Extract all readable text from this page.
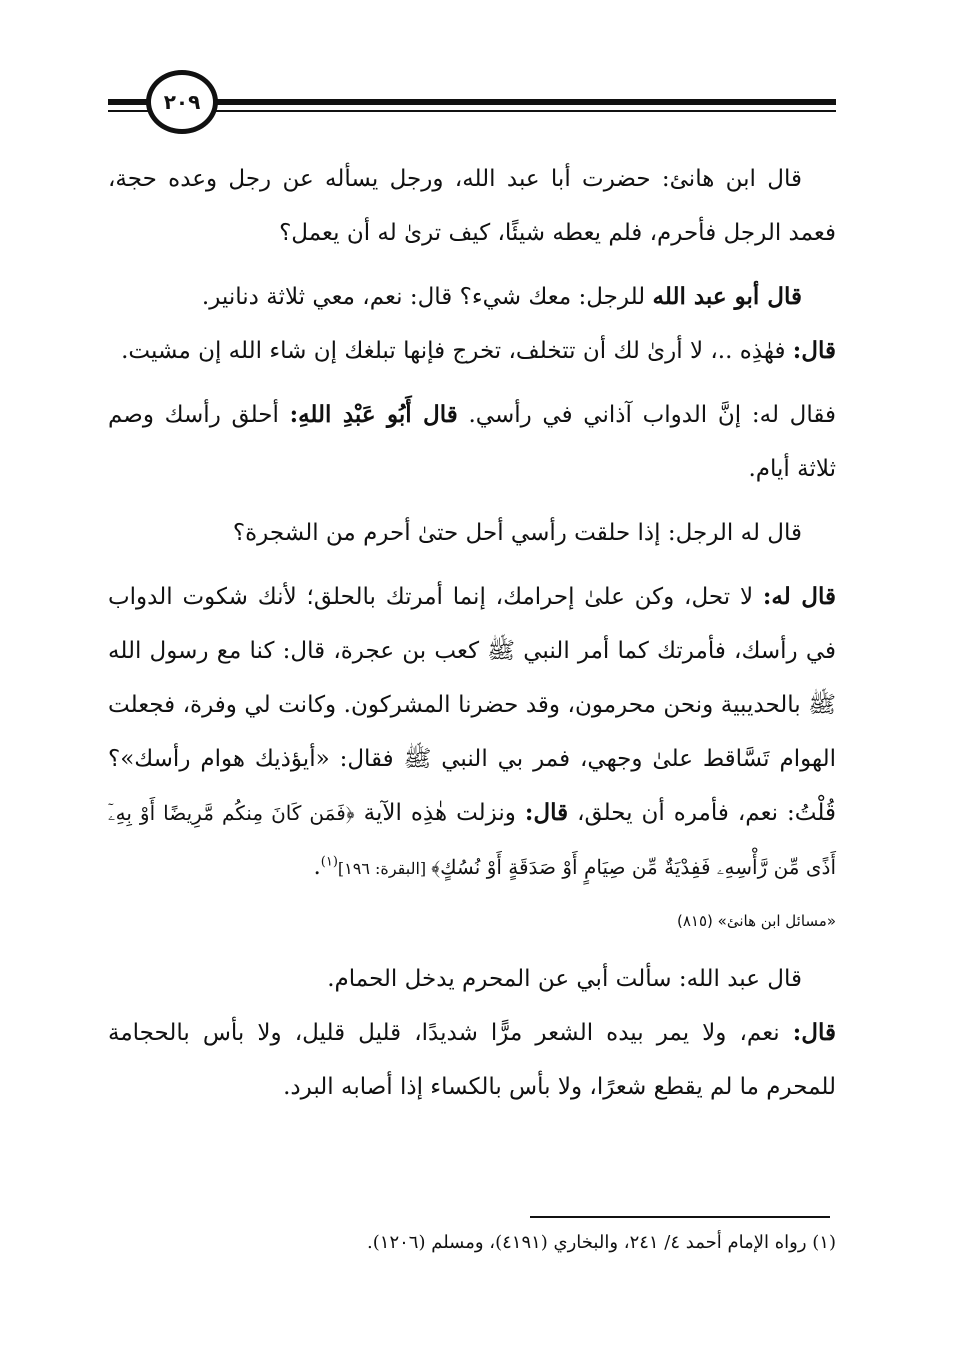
٢٠٩

قال ابن هانئ: حضرت أبا عبد الله، ورجل يسأله عن رجل وعده حجة، فعمد الرجل فأحرم، فلم يعطه شيئًا، كيف ترىٰ له أن يعمل؟

قال أبو عبد الله للرجل: معك شيء؟ قال: نعم، معي ثلاثة دنانير.

قال: فهٰذِه ..، لا أرىٰ لك أن تتخلف، تخرج فإنها تبلغك إن شاء الله إن مشيت.

فقال له: إنَّ الدواب آذاني في رأسي. قال أَبُو عَبْدِ اللهِ: أحلق رأسك وصم ثلاثة أيام.

قال له الرجل: إذا حلقت رأسي أحل حتىٰ أحرم من الشجرة؟

قال له: لا تحل، وكن علىٰ إحرامك، إنما أمرتك بالحلق؛ لأنك شكوت الدواب في رأسك، فأمرتك كما أمر النبي ﷺ كعب بن عجرة، قال: كنا مع رسول الله ﷺ بالحديبية ونحن محرمون، وقد حضرنا المشركون. وكانت لي وفرة، فجعلت الهوام تَسَّاقط علىٰ وجهي، فمر بي النبي ﷺ فقال: «أيؤذيك هوام رأسك»؟ قُلْتُ: نعم، فأمره أن يحلق، قال: ونزلت هٰذِه الآية ﴿فَمَن كَانَ مِنكُم مَّرِيضًا أَوْ بِهِۦٓ أَذًى مِّن رَّأْسِهِۦ فَفِدْيَةٌ مِّن صِيَامٍ أَوْ صَدَقَةٍ أَوْ نُسُكٍ﴾ [البقرة: ١٩٦]$^{(١)}$.

«مسائل ابن هانئ» (٨١٥)

قال عبد الله: سألت أبي عن المحرم يدخل الحمام.

قال: نعم، ولا يمر بيده الشعر مرًّا شديدًا، قليل قليل، ولا بأس بالحجامة للمحرم ما لم يقطع شعرًا، ولا بأس بالكساء إذا أصابه البرد.

(١) رواه الإمام أحمد ٤/ ٢٤١، والبخاري (٤١٩١)، ومسلم (١٢٠٦).
